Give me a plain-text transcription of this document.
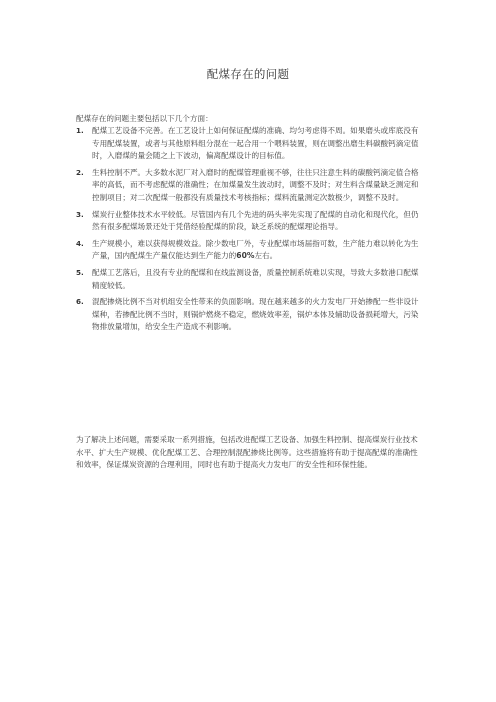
配煤存在的问题
配煤存在的问题主要包括以下几个方面：
1.	配煤工艺设备不完善。在工艺设计上如何保证配煤的准确、均匀考虑得不周。如果磨头或库底没有专用配煤装置，或者与其他原料组分混在一起合用一个喂料装置，则在调整出磨生料碳酸钙滴定值时，入磨煤的量会随之上下波动，偏离配煤设计的目标值。
2.	生料控制不严。大多数水泥厂对入磨时的配煤管理重视不够，往往只注意生料的碳酸钙滴定值合格率的高低，而不考虑配煤的准确性；在加煤量发生波动时，调整不及时；对生料含煤量缺乏测定和控制项目；对二次配煤一般都没有质量技术考核指标；煤料流量测定次数极少，调整不及时。
3.	煤炭行业整体技术水平较低。尽管国内有几个先进的码头率先实现了配煤的自动化和现代化，但仍然有很多配煤场景还处于凭借经验配煤的阶段，缺乏系统的配煤理论指导。
4.	生产规模小，难以获得规模效益。除少数电厂外，专业配煤市场届指可数，生产能力难以转化为生产量，国内配煤生产量仅能达到生产能力的60%左右。
5.	配煤工艺落后，且没有专业的配煤和在线监测设备，质量控制系统难以实现，导致大多数港口配煤精度较低。
6.	混配掺烧比例不当对机组安全性带来的负面影响。现在越来越多的火力发电厂开始掺配一些非设计煤种，若掺配比例不当时，则锅炉燃烧不稳定，燃烧效率差，锅炉本体及辅助设备损耗增大，污染物排放量增加，给安全生产造成不利影响。

为了解决上述问题，需要采取一系列措施，包括改进配煤工艺设备、加强生料控制、提高煤炭行业技术水平、扩大生产规模、优化配煤工艺、合理控制混配掺烧比例等。这些措施将有助于提高配煤的准确性和效率，保证煤炭资源的合理利用，同时也有助于提高火力发电厂的安全性和环保性能。
